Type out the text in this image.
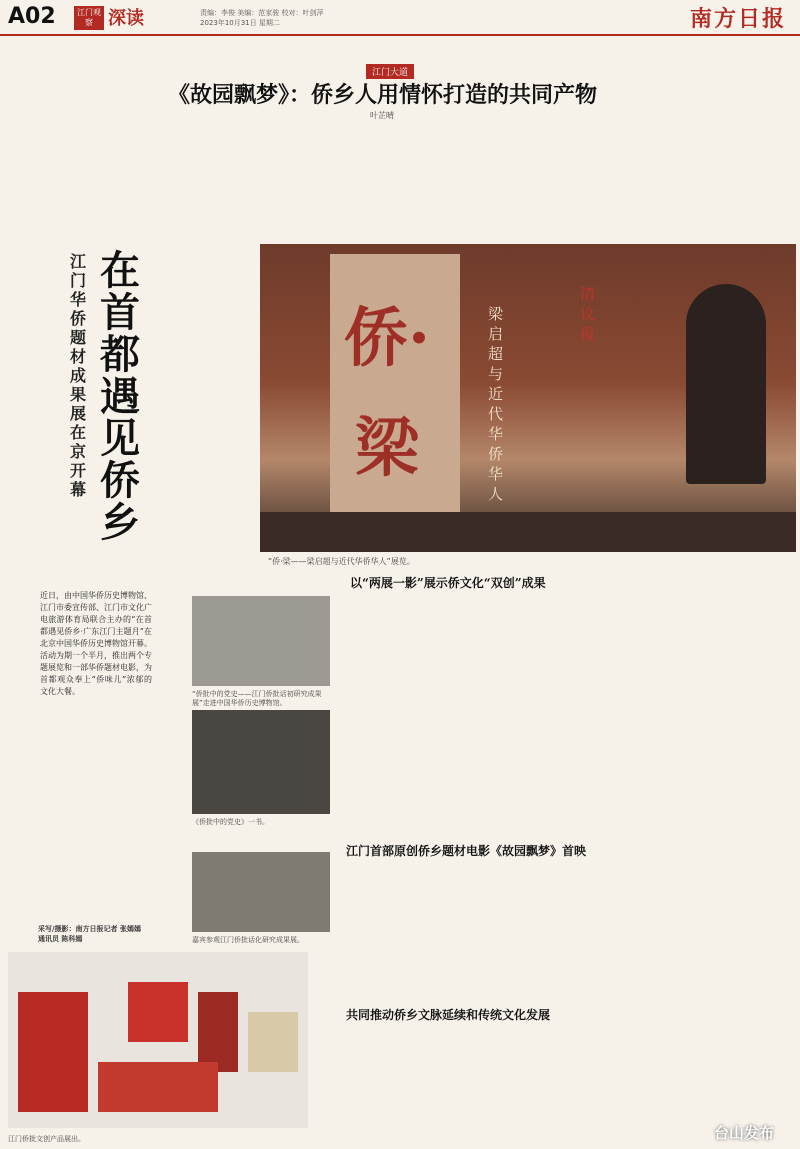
A02	江门观察 深读	责编：李俊 美编：范家骏 校对：叶剑萍
2023年10月31日 星期二	南方日报
江门大道
《故园飘梦》：侨乡人用情怀打造的共同产物
叶芷晴
在首都遇见侨乡
江门华侨题材成果展在京开幕
侨·梁
梁启超与近代华侨华人
清议报
“侨·梁——梁启超与近代华侨华人”展览。
近日，由中国华侨历史博物馆、江门市委宣传部、江门市文化广电旅游体育局联合主办的“在首都遇见侨乡·广东江门主题月”在北京中国华侨历史博物馆开幕。活动为期一个半月，推出两个专题展览和一部华侨题材电影，为首都观众奉上“侨味儿”浓郁的文化大餐。
采写/摄影：南方日报记者 张嫣嫣
通讯员 陈科嫣
以“两展一影”展示侨文化“双创”成果
“侨批中的党史——江门侨批话初研究成果展”走进中国华侨历史博物馆。
《侨批中的党史》一书。
江门首部原创侨乡题材电影《故园飘梦》首映
嘉宾参观江门侨批话化研究成果展。
共同推动侨乡文脉延续和传统文化发展
江门侨批文创产品展出。	台山发布
